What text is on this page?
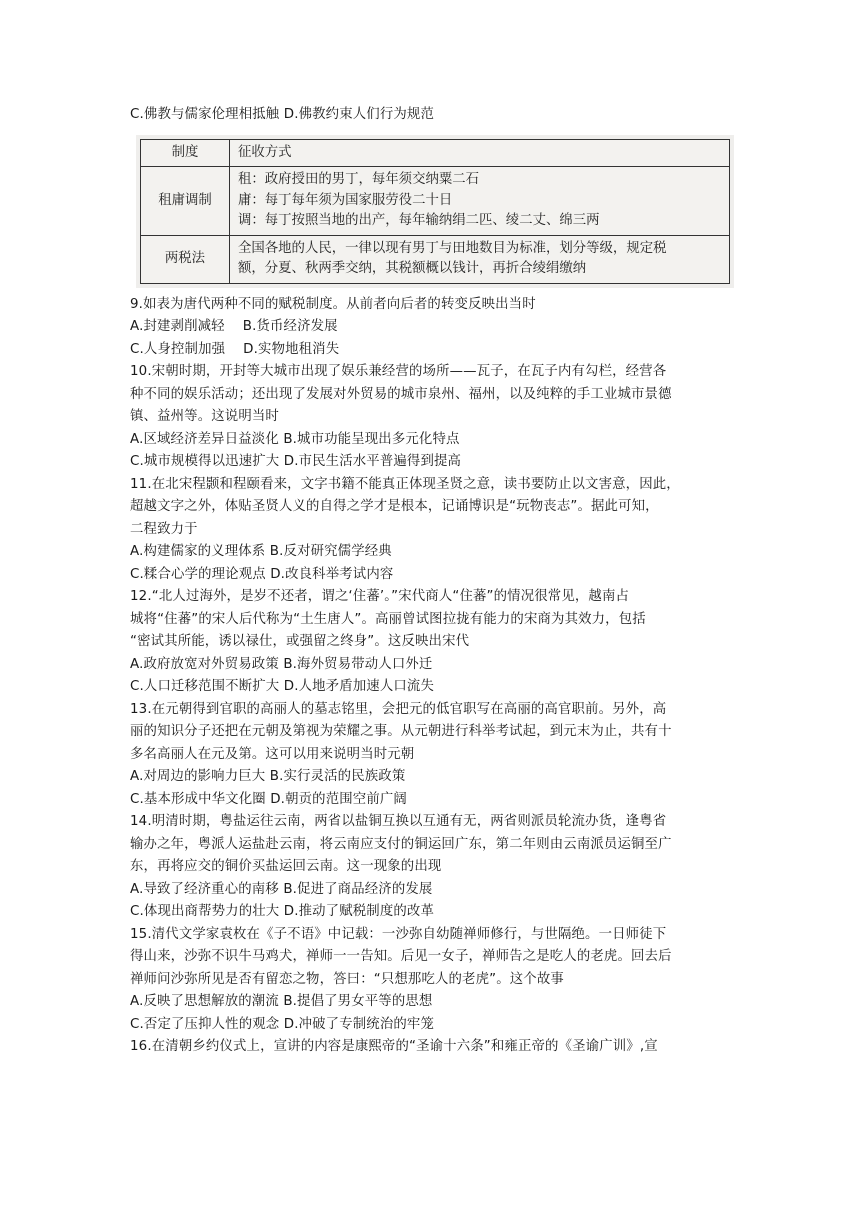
C.佛教与儒家伦理相抵触 D.佛教约束人们行为规范
制度	征收方式
租庸调制	租：政府授田的男丁，每年须交纳粟二石
庸：每丁每年须为国家服劳役二十日
调：每丁按照当地的出产，每年输纳绢二匹、绫二丈、绵三两

两税法	全国各地的人民，一律以现有男丁与田地数目为标准，划分等级，规定税
额，分夏、秋两季交纳，其税额概以钱计，再折合绫绢缴纳
9.如表为唐代两种不同的赋税制度。从前者向后者的转变反映出当时
A.封建剥削减轻 B.货币经济发展
C.人身控制加强 D.实物地租消失
10.宋朝时期，开封等大城市出现了娱乐兼经营的场所——瓦子，在瓦子内有勾栏，经营各
种不同的娱乐活动；还出现了发展对外贸易的城市泉州、福州，以及纯粹的手工业城市景德
镇、益州等。这说明当时
A.区域经济差异日益淡化 B.城市功能呈现出多元化特点
C.城市规模得以迅速扩大 D.市民生活水平普遍得到提高
11.在北宋程颢和程颐看来，文字书籍不能真正体现圣贤之意，读书要防止以文害意，因此，
超越文字之外，体贴圣贤人义的自得之学才是根本，记诵博识是“玩物丧志”。据此可知，
二程致力于
A.构建儒家的义理体系 B.反对研究儒学经典
C.糅合心学的理论观点 D.改良科举考试内容
12.“北人过海外，是岁不还者，谓之‘住蕃’。”宋代商人“住蕃”的情况很常见，越南占
城将“住蕃”的宋人后代称为“土生唐人”。高丽曾试图拉拢有能力的宋商为其效力，包括
“密试其所能，诱以禄仕，或强留之终身”。这反映出宋代
A.政府放宽对外贸易政策 B.海外贸易带动人口外迁
C.人口迁移范围不断扩大 D.人地矛盾加速人口流失
13.在元朝得到官职的高丽人的墓志铭里，会把元的低官职写在高丽的高官职前。另外，高
丽的知识分子还把在元朝及第视为荣耀之事。从元朝进行科举考试起，到元末为止，共有十
多名高丽人在元及第。这可以用来说明当时元朝
A.对周边的影响力巨大 B.实行灵活的民族政策
C.基本形成中华文化圈 D.朝贡的范围空前广阔
14.明清时期，粤盐运往云南，两省以盐铜互换以互通有无，两省则派员轮流办货，逢粤省
输办之年，粤派人运盐赴云南，将云南应支付的铜运回广东，第二年则由云南派员运铜至广
东，再将应交的铜价买盐运回云南。这一现象的出现
A.导致了经济重心的南移 B.促进了商品经济的发展
C.体现出商帮势力的壮大 D.推动了赋税制度的改革
15.清代文学家袁枚在《子不语》中记载：一沙弥自幼随禅师修行，与世隔绝。一日师徒下
得山来，沙弥不识牛马鸡犬，禅师一一告知。后见一女子，禅师告之是吃人的老虎。回去后
禅师问沙弥所见是否有留恋之物，答曰：“只想那吃人的老虎”。这个故事
A.反映了思想解放的潮流 B.提倡了男女平等的思想
C.否定了压抑人性的观念 D.冲破了专制统治的牢笼
16.在清朝乡约仪式上，宣讲的内容是康熙帝的“圣谕十六条”和雍正帝的《圣谕广训》,宣
